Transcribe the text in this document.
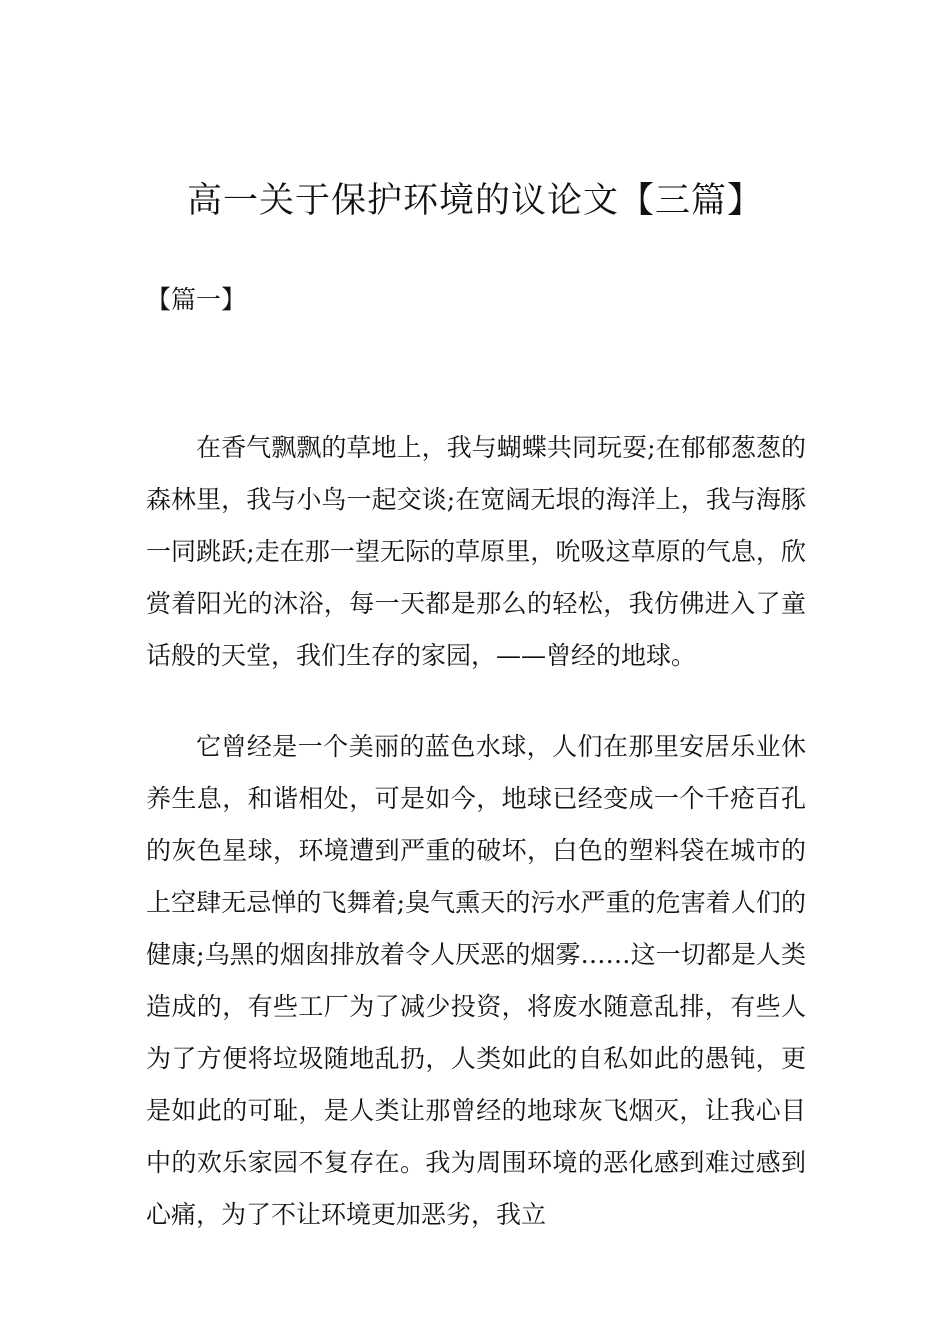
高一关于保护环境的议论文【三篇】
【篇一】

在香气飘飘的草地上，我与蝴蝶共同玩耍;在郁郁葱葱的森林里，我与小鸟一起交谈;在宽阔无垠的海洋上，我与海豚一同跳跃;走在那一望无际的草原里，吮吸这草原的气息，欣赏着阳光的沐浴，每一天都是那么的轻松，我仿佛进入了童话般的天堂，我们生存的家园，——曾经的地球。

它曾经是一个美丽的蓝色水球，人们在那里安居乐业休养生息，和谐相处，可是如今，地球已经变成一个千疮百孔的灰色星球，环境遭到严重的破坏，白色的塑料袋在城市的上空肆无忌惮的飞舞着;臭气熏天的污水严重的危害着人们的健康;乌黑的烟囱排放着令人厌恶的烟雾……这一切都是人类造成的，有些工厂为了减少投资，将废水随意乱排，有些人为了方便将垃圾随地乱扔，人类如此的自私如此的愚钝，更是如此的可耻，是人类让那曾经的地球灰飞烟灭，让我心目中的欢乐家园不复存在。我为周围环境的恶化感到难过感到心痛，为了不让环境更加恶劣，我立
